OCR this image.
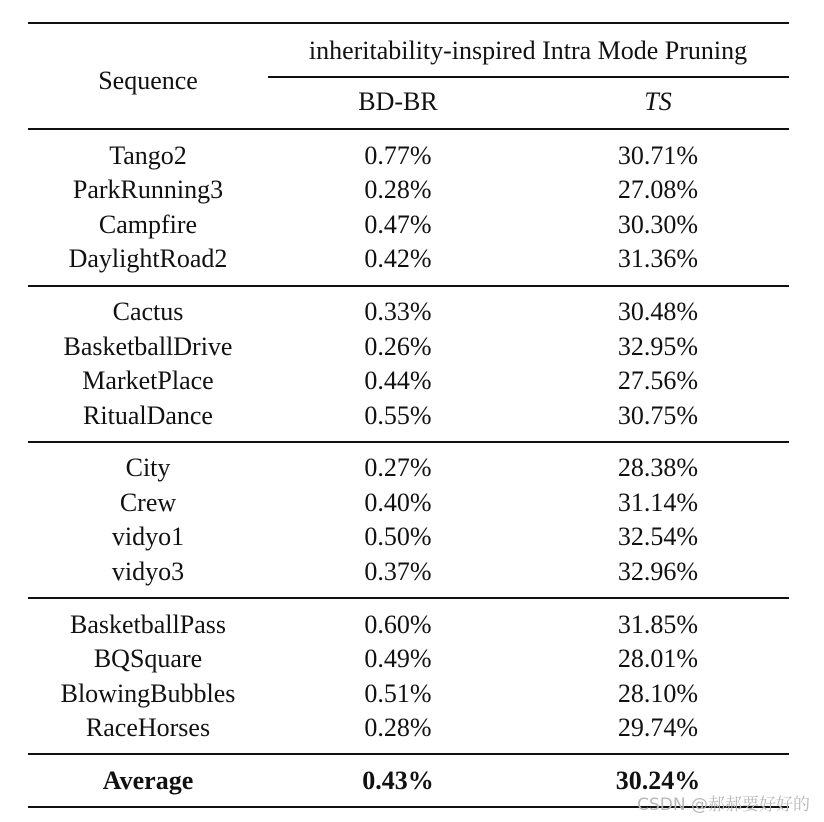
Sequence
inheritability-inspired Intra Mode Pruning
BD-BR	TS
Tango2	0.77%	30.71%
ParkRunning3	0.28%	27.08%
Campfire	0.47%	30.30%
DaylightRoad2	0.42%	31.36%
Cactus	0.33%	30.48%
BasketballDrive	0.26%	32.95%
MarketPlace	0.44%	27.56%
RitualDance	0.55%	30.75%
City	0.27%	28.38%
Crew	0.40%	31.14%
vidyo1	0.50%	32.54%
vidyo3	0.37%	32.96%
BasketballPass	0.60%	31.85%
BQSquare	0.49%	28.01%
BlowingBubbles	0.51%	28.10%
RaceHorses	0.28%	29.74%
Average	0.43%	30.24%
CSDN @郝郝要好好的
